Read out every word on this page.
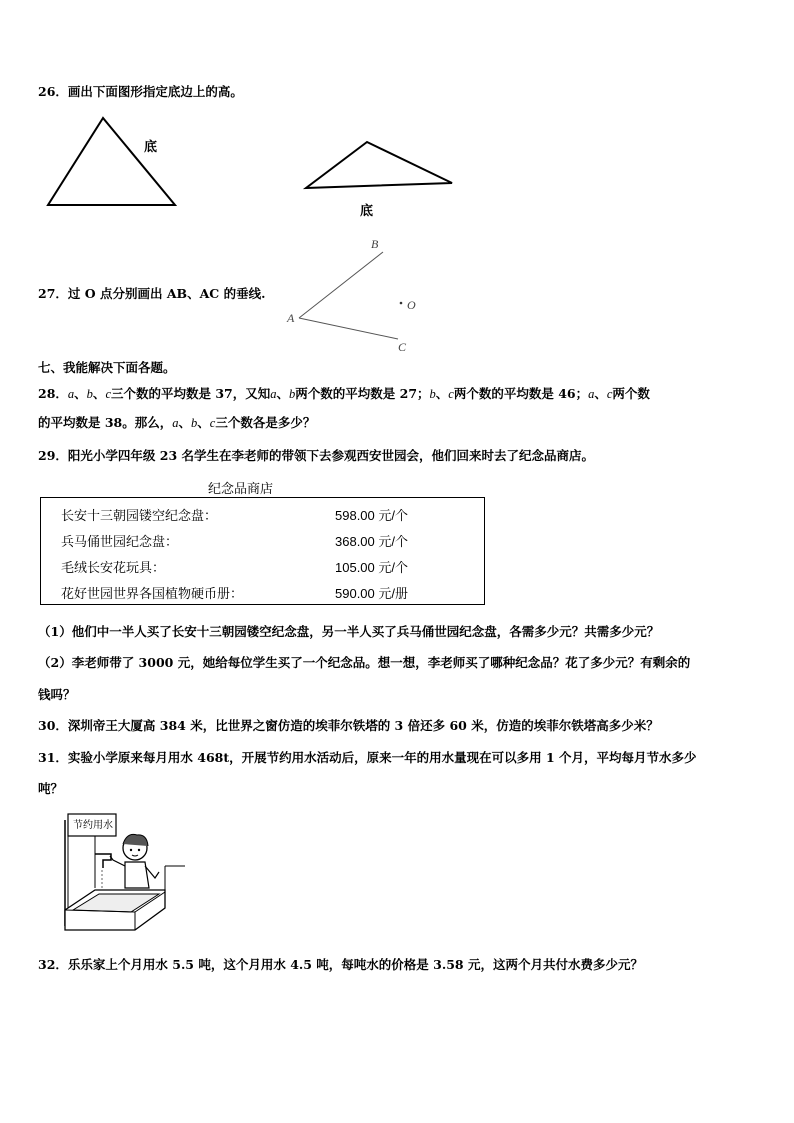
26．画出下面图形指定底边上的高。
底
底
27．过 O 点分别画出 AB、AC 的垂线.
B
A
C
O
七、我能解决下面各题。
28．a、b、c三个数的平均数是 37，又知a、b两个数的平均数是 27；b、c两个数的平均数是 46；a、c两个数
的平均数是 38。那么，a、b、c三个数各是多少？
29．阳光小学四年级 23 名学生在李老师的带领下去参观西安世园会，他们回来时去了纪念品商店。
纪念品商店
长安十三朝园镂空纪念盘：	598.00 元/个
兵马俑世园纪念盘：	368.00 元/个
毛绒长安花玩具：	105.00 元/个
花好世园世界各国植物硬币册：	590.00 元/册
（1）他们中一半人买了长安十三朝园镂空纪念盘，另一半人买了兵马俑世园纪念盘，各需多少元？共需多少元？
（2）李老师带了 3000 元，她给每位学生买了一个纪念品。想一想，李老师买了哪种纪念品？花了多少元？有剩余的
钱吗？
30．深圳帝王大厦高 384 米，比世界之窗仿造的埃菲尔铁塔的 3 倍还多 60 米，仿造的埃菲尔铁塔高多少米？
31．实验小学原来每月用水 468t，开展节约用水活动后，原来一年的用水量现在可以多用 1 个月，平均每月节水多少
吨？
节约用水
32．乐乐家上个月用水 5.5 吨，这个月用水 4.5 吨，每吨水的价格是 3.58 元，这两个月共付水费多少元？
